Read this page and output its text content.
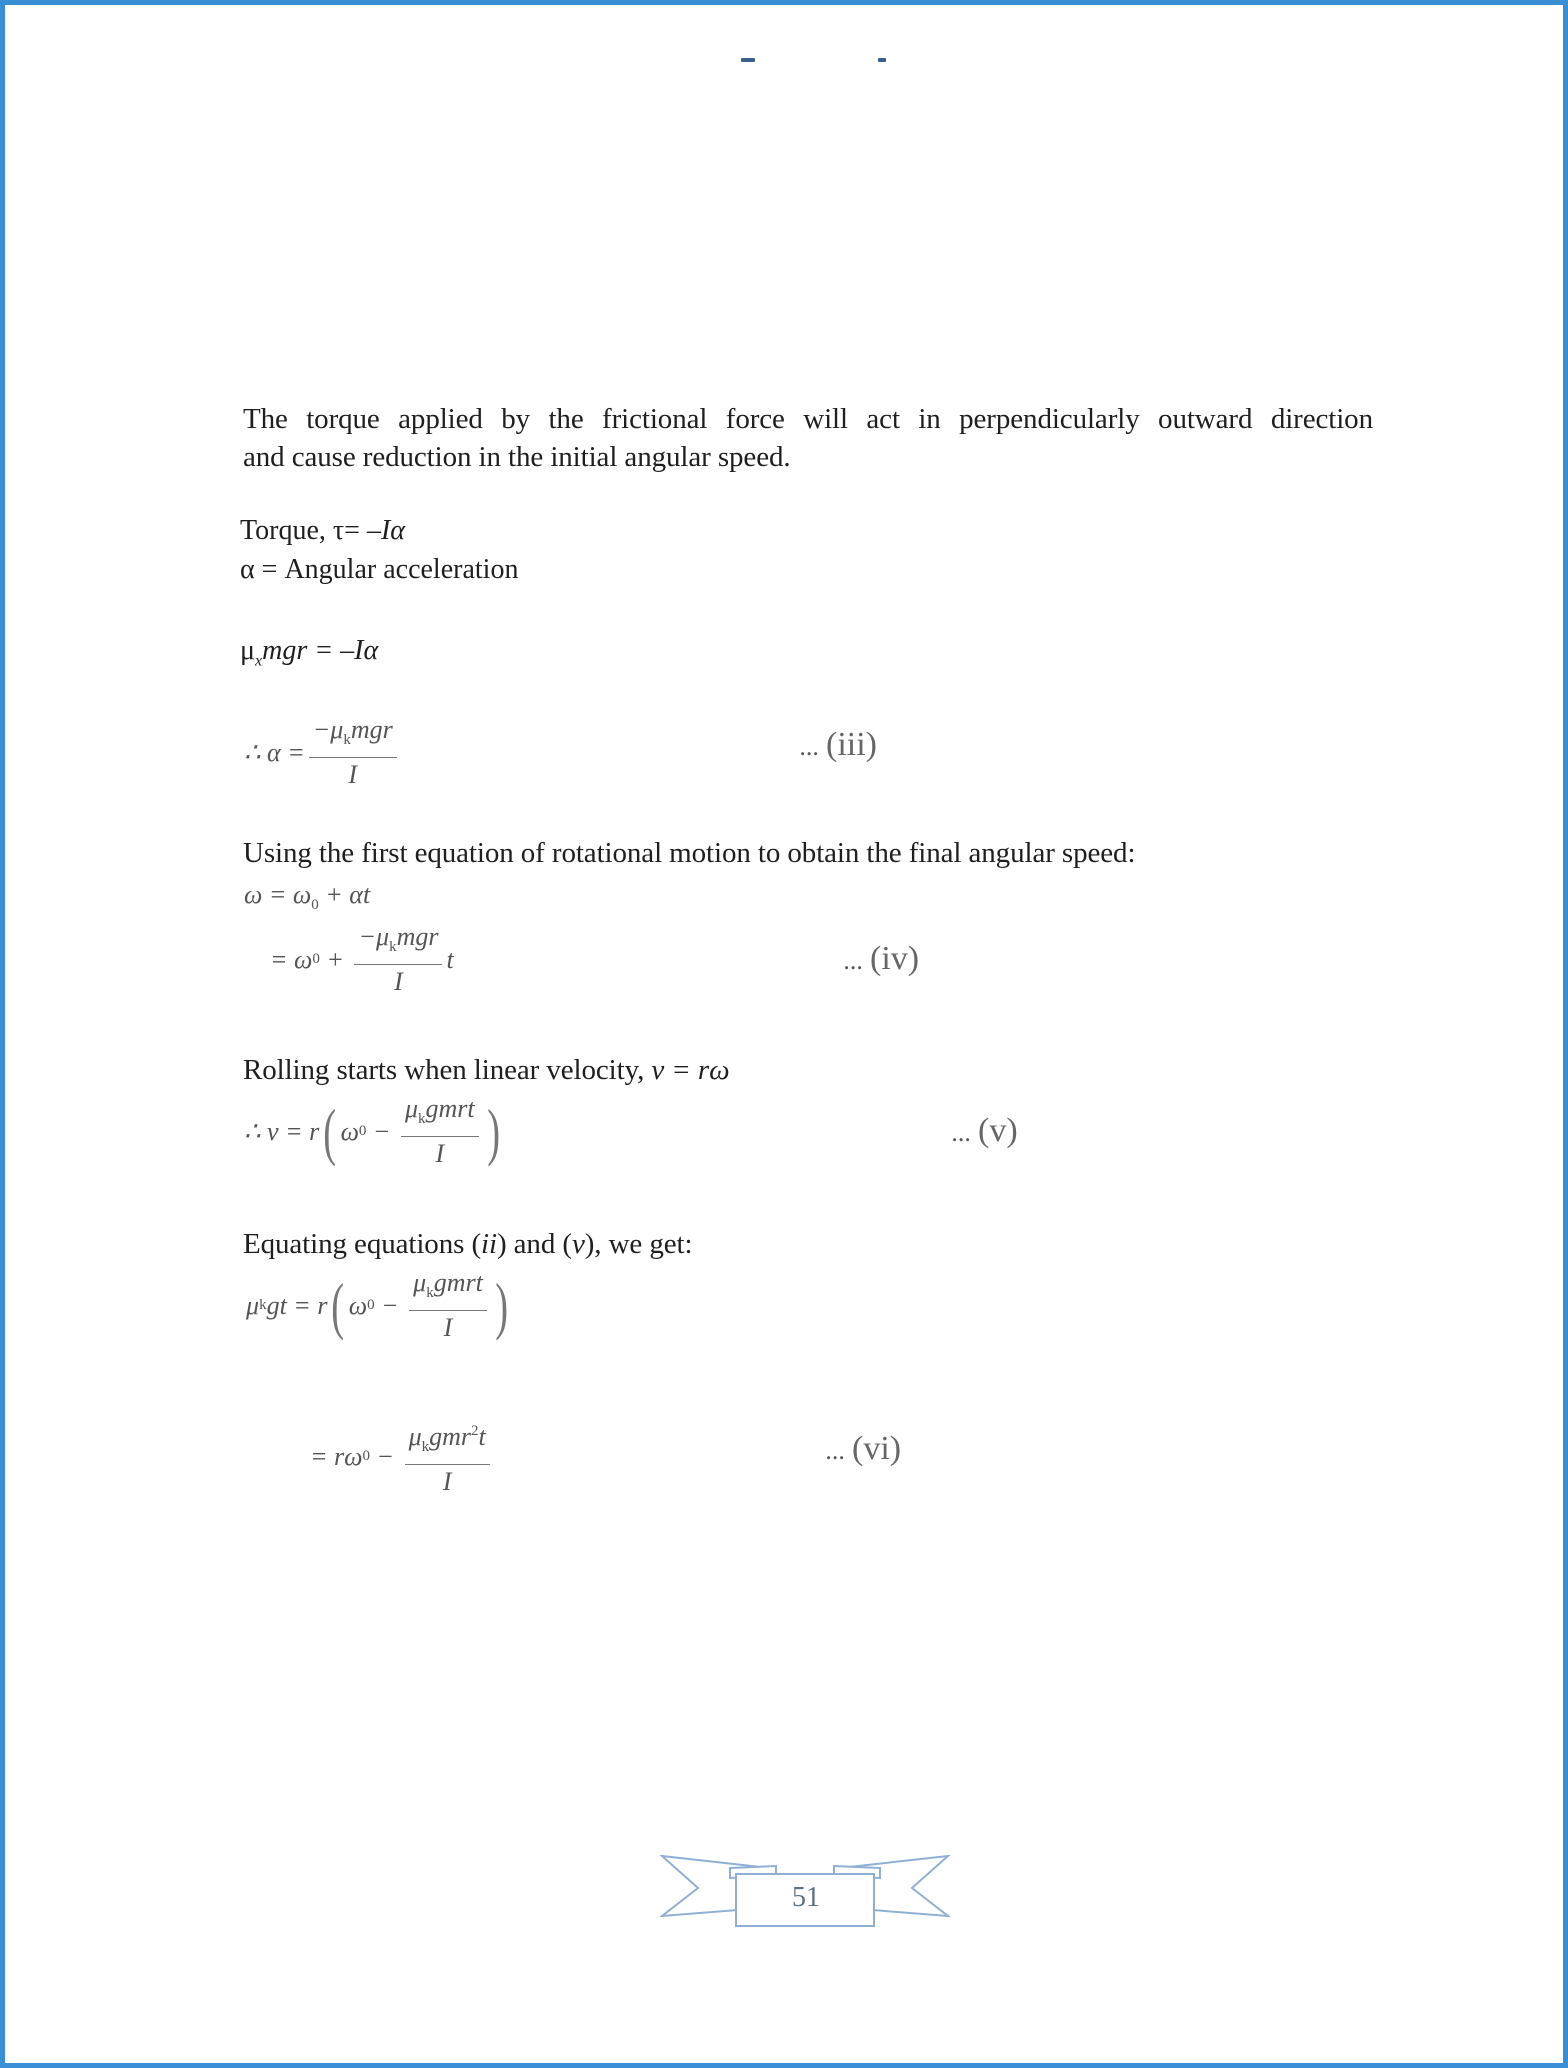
The torque applied by the frictional force will act in perpendicularly outward direction
and cause reduction in the initial angular speed.
Torque, τ= –Iα
α = Angular acceleration
$\mu_xmgr = -I\alpha$
∴ $\alpha = \frac{-\mu_kmgr}{I}$	... (iii)
Using the first equation of rotational motion to obtain the final angular speed:
$\omega = \omega_0 + \alpha t$
= ω $0 + \frac{-\mu_kmgr}{I}$ t	... (iv)
Rolling starts when linear velocity, v = rω
∴ v = r ( ω $0 - \frac{\mu_kgmrt}{I}$ )	... (v)
Equating equations (ii) and (v), we get:
μ k gt = r ( ω $0 - \frac{\mu_kgmrt}{I}$ )
= rω $0 - \frac{\mu_kgmr^2t}{I}$	... (vi)
51
